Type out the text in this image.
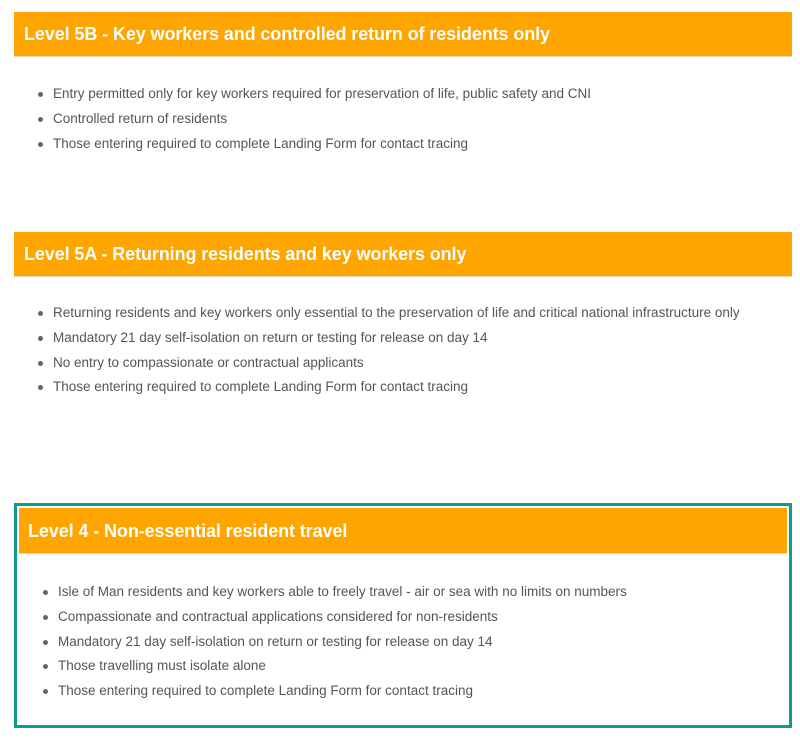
Level 5B - Key workers and controlled return of residents only
Entry permitted only for key workers required for preservation of life, public safety and CNI
Controlled return of residents
Those entering required to complete Landing Form for contact tracing
Level 5A - Returning residents and key workers only
Returning residents and key workers only essential to the preservation of life and critical national infrastructure only
Mandatory 21 day self-isolation on return or testing for release on day 14
No entry to compassionate or contractual applicants
Those entering required to complete Landing Form for contact tracing
Level 4 - Non-essential resident travel
Isle of Man residents and key workers able to freely travel - air or sea with no limits on numbers
Compassionate and contractual applications considered for non-residents
Mandatory 21 day self-isolation on return or testing for release on day 14
Those travelling must isolate alone
Those entering required to complete Landing Form for contact tracing
